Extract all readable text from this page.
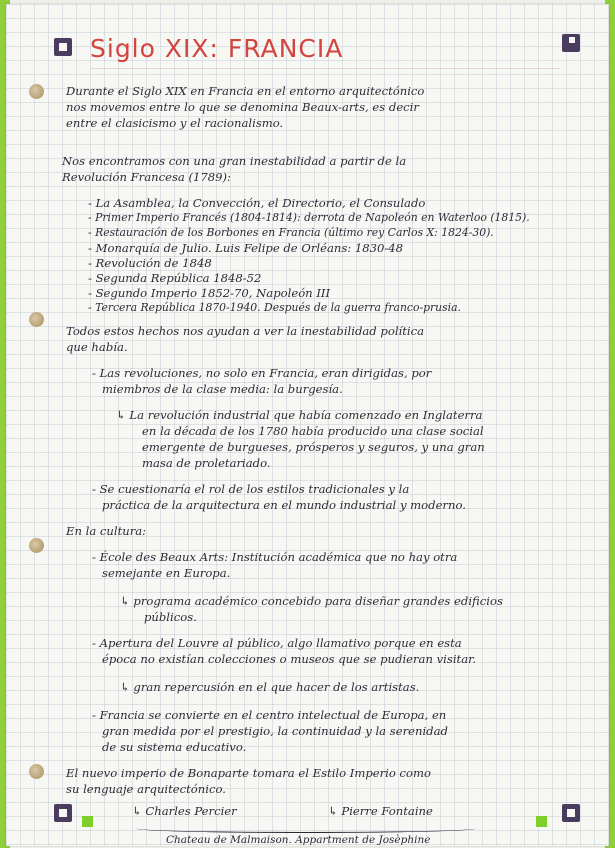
Siglo XIX: FRANCIA
Durante el Siglo XIX en Francia en el entorno arquitectónico
nos movemos entre lo que se denomina Beaux-arts, es decir
entre el clasicismo y el racionalismo.
Nos encontramos con una gran inestabilidad a partir de la
Revolución Francesa (1789):
- La Asamblea, la Convección, el Directorio, el Consulado
- Primer Imperio Francés (1804-1814): derrota de Napoleón en Waterloo (1815).
- Restauración de los Borbones en Francia (último rey Carlos X: 1824-30).
- Monarquía de Julio. Luis Felipe de Orléans: 1830-48
- Revolución de 1848
- Segunda República 1848-52
- Segundo Imperio 1852-70, Napoleón III
- Tercera República 1870-1940. Después de la guerra franco-prusia.
Todos estos hechos nos ayudan a ver la inestabilidad política
que había.
- Las revoluciones, no solo en Francia, eran dirigidas, por
miembros de la clase media: la burgesía.
↳ La revolución industrial que había comenzado en Inglaterra
en la década de los 1780 había producido una clase social
emergente de burgueses, prósperos y seguros, y una gran
masa de proletariado.
- Se cuestionaría el rol de los estilos tradicionales y la
práctica de la arquitectura en el mundo industrial y moderno.
En la cultura:
- École des Beaux Arts: Institución académica que no hay otra
semejante en Europa.
↳ programa académico concebido para diseñar grandes edificios
públicos.
- Apertura del Louvre al público, algo llamativo porque en esta
época no existían colecciones o museos que se pudieran visitar.
↳ gran repercusión en el que hacer de los artistas.
- Francia se convierte en el centro intelectual de Europa, en
gran medida por el prestigio, la continuidad y la serenidad
de su sistema educativo.
El nuevo imperio de Bonaparte tomara el Estilo Imperio como
su lenguaje arquitectónico.
↳ Charles Percier	↳ Pierre Fontaine
Chateau de Malmaison. Appartment de Josèphine
